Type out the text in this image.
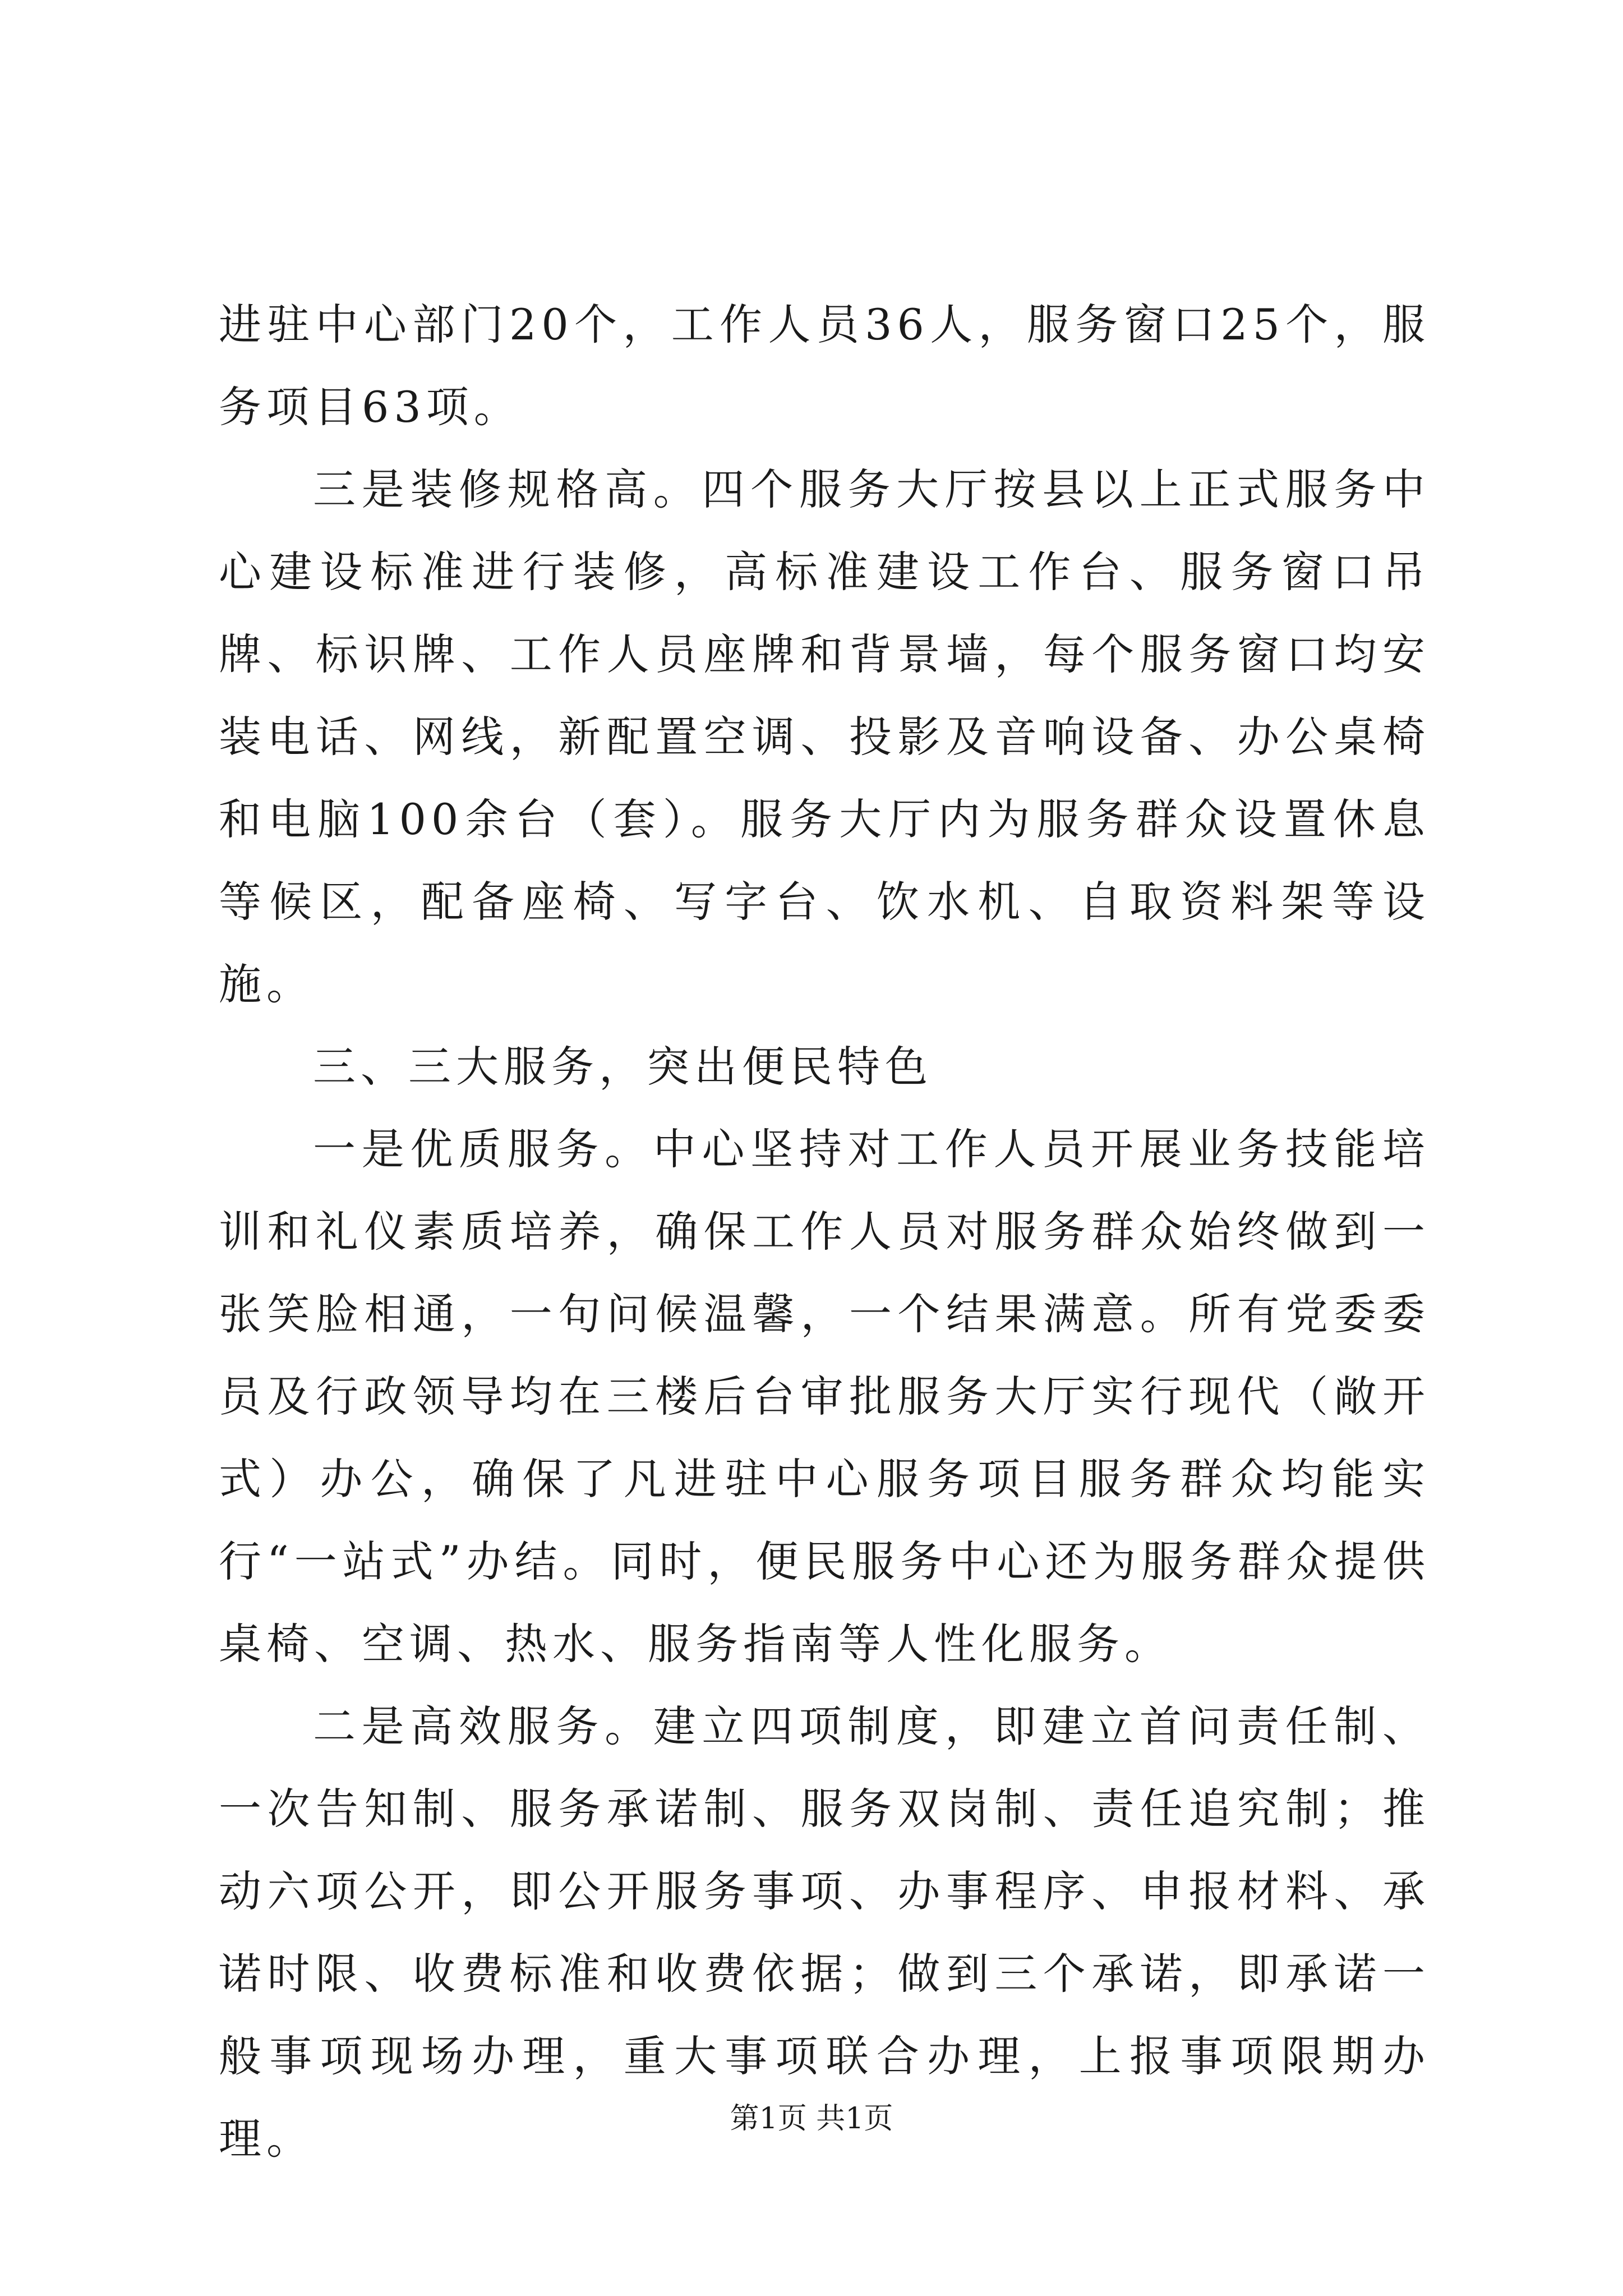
进驻中心部门20个，工作人员36人，服务窗口25个，服务项目63项。

三是装修规格高。四个服务大厅按县以上正式服务中心建设标准进行装修，高标准建设工作台、服务窗口吊牌、标识牌、工作人员座牌和背景墙，每个服务窗口均安装电话、网线，新配置空调、投影及音响设备、办公桌椅和电脑100余台（套）。服务大厅内为服务群众设置休息等候区，配备座椅、写字台、饮水机、自取资料架等设施。

三、三大服务，突出便民特色

一是优质服务。中心坚持对工作人员开展业务技能培训和礼仪素质培养，确保工作人员对服务群众始终做到一张笑脸相通，一句问候温馨，一个结果满意。所有党委委员及行政领导均在三楼后台审批服务大厅实行现代（敞开式）办公，确保了凡进驻中心服务项目服务群众均能实行“一站式”办结。同时，便民服务中心还为服务群众提供桌椅、空调、热水、服务指南等人性化服务。

二是高效服务。建立四项制度，即建立首问责任制、一次告知制、服务承诺制、服务双岗制、责任追究制；推动六项公开，即公开服务事项、办事程序、申报材料、承诺时限、收费标准和收费依据；做到三个承诺，即承诺一般事项现场办理，重大事项联合办理，上报事项限期办理。	第1页 共1页
